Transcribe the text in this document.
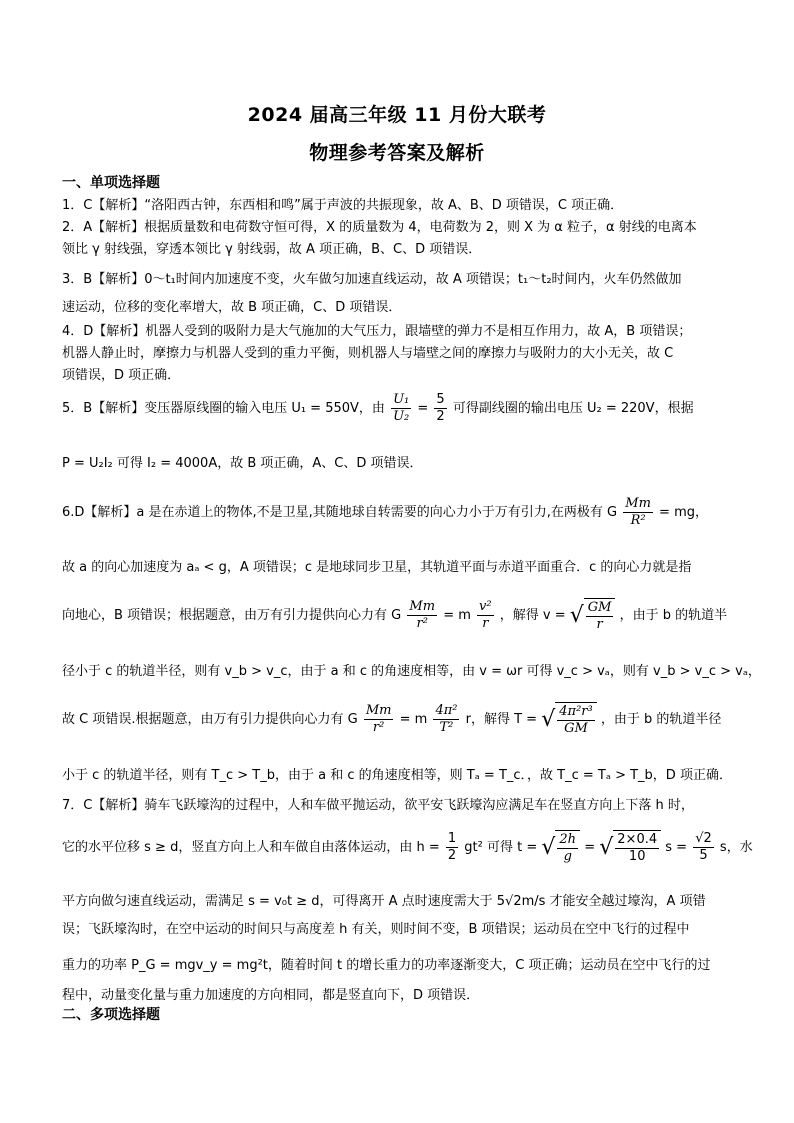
2024 届高三年级 11 月份大联考
物理参考答案及解析
一、单项选择题
1．C【解析】“洛阳西古钟，东西相和鸣”属于声波的共振现象，故 A、B、D 项错误，C 项正确．
2．A【解析】根据质量数和电荷数守恒可得，X 的质量数为 4，电荷数为 2，则 X 为 α 粒子，α 射线的电离本
领比 γ 射线强，穿透本领比 γ 射线弱，故 A 项正确，B、C、D 项错误．
3．B【解析】0～t₁时间内加速度不变，火车做匀加速直线运动，故 A 项错误；t₁～t₂时间内，火车仍然做加
速运动，位移的变化率增大，故 B 项正确，C、D 项错误．
4．D【解析】机器人受到的吸附力是大气施加的大气压力，跟墙壁的弹力不是相互作用力，故 A，B 项错误；
机器人静止时，摩擦力与机器人受到的重力平衡，则机器人与墙壁之间的摩擦力与吸附力的大小无关，故 C
项错误，D 项正确．
5．B【解析】变压器原线圈的输入电压 U₁ = 550V，由 $\frac{\text{U₁}}{\text{U₂}} = \frac{5}{2}$ 可得副线圈的输出电压 U₂ = 220V，根据
P = U₂I₂ 可得 I₂ = 4000A，故 B 项正确，A、C、D 项错误．
6.D【解析】a 是在赤道上的物体,不是卫星,其随地球自转需要的向心力小于万有引力,在两极有 G $\frac{Mm}{\text{R²}}$ = mg，
故 a 的向心加速度为 aₐ < g，A 项错误；c 是地球同步卫星，其轨道平面与赤道平面重合．c 的向心力就是指
向地心，B 项错误；根据题意，由万有引力提供向心力有 G $\frac{Mm}{\text{r²}} = m \frac{\text{v²}}{r}$ ，解得 v = √ $\frac{GM}{r}$ ，由于 b 的轨道半
径小于 c 的轨道半径，则有 v_b > v_c，由于 a 和 c 的角速度相等，由 v = ωr 可得 v_c > vₐ，则有 v_b > v_c > vₐ，
故 C 项错误.根据题意，由万有引力提供向心力有 G $\frac{Mm}{\text{r²}} = m \frac{\text{4π²}}{\text{T²}}$ r，解得 T = √ $\frac{\text{4π²r³}}{GM}$ ，由于 b 的轨道半径
小于 c 的轨道半径，则有 T_c > T_b，由于 a 和 c 的角速度相等，则 Tₐ = T_c．，故 T_c = Tₐ > T_b，D 项正确．
7．C【解析】骑车飞跃壕沟的过程中，人和车做平抛运动，欲平安飞跃壕沟应满足车在竖直方向上下落 h 时，
它的水平位移 s ≥ d，竖直方向上人和车做自由落体运动，由 $h = \frac{1}{2} gt^2$ 可得 t = √ $\frac{2h}{g}$ = √ $\frac{2\times 0.4}{10}$ $s = \frac{√2}{5}$ s，水
平方向做匀速直线运动，需满足 s = v₀t ≥ d，可得离开 A 点时速度需大于 5√2m/s 才能安全越过壕沟，A 项错
误；飞跃壕沟时，在空中运动的时间只与高度差 h 有关，则时间不变，B 项错误；运动员在空中飞行的过程中
重力的功率 P_G = mgv_y = mg²t，随着时间 t 的增长重力的功率逐渐变大，C 项正确；运动员在空中飞行的过
程中，动量变化量与重力加速度的方向相同，都是竖直向下，D 项错误．
二、多项选择题
